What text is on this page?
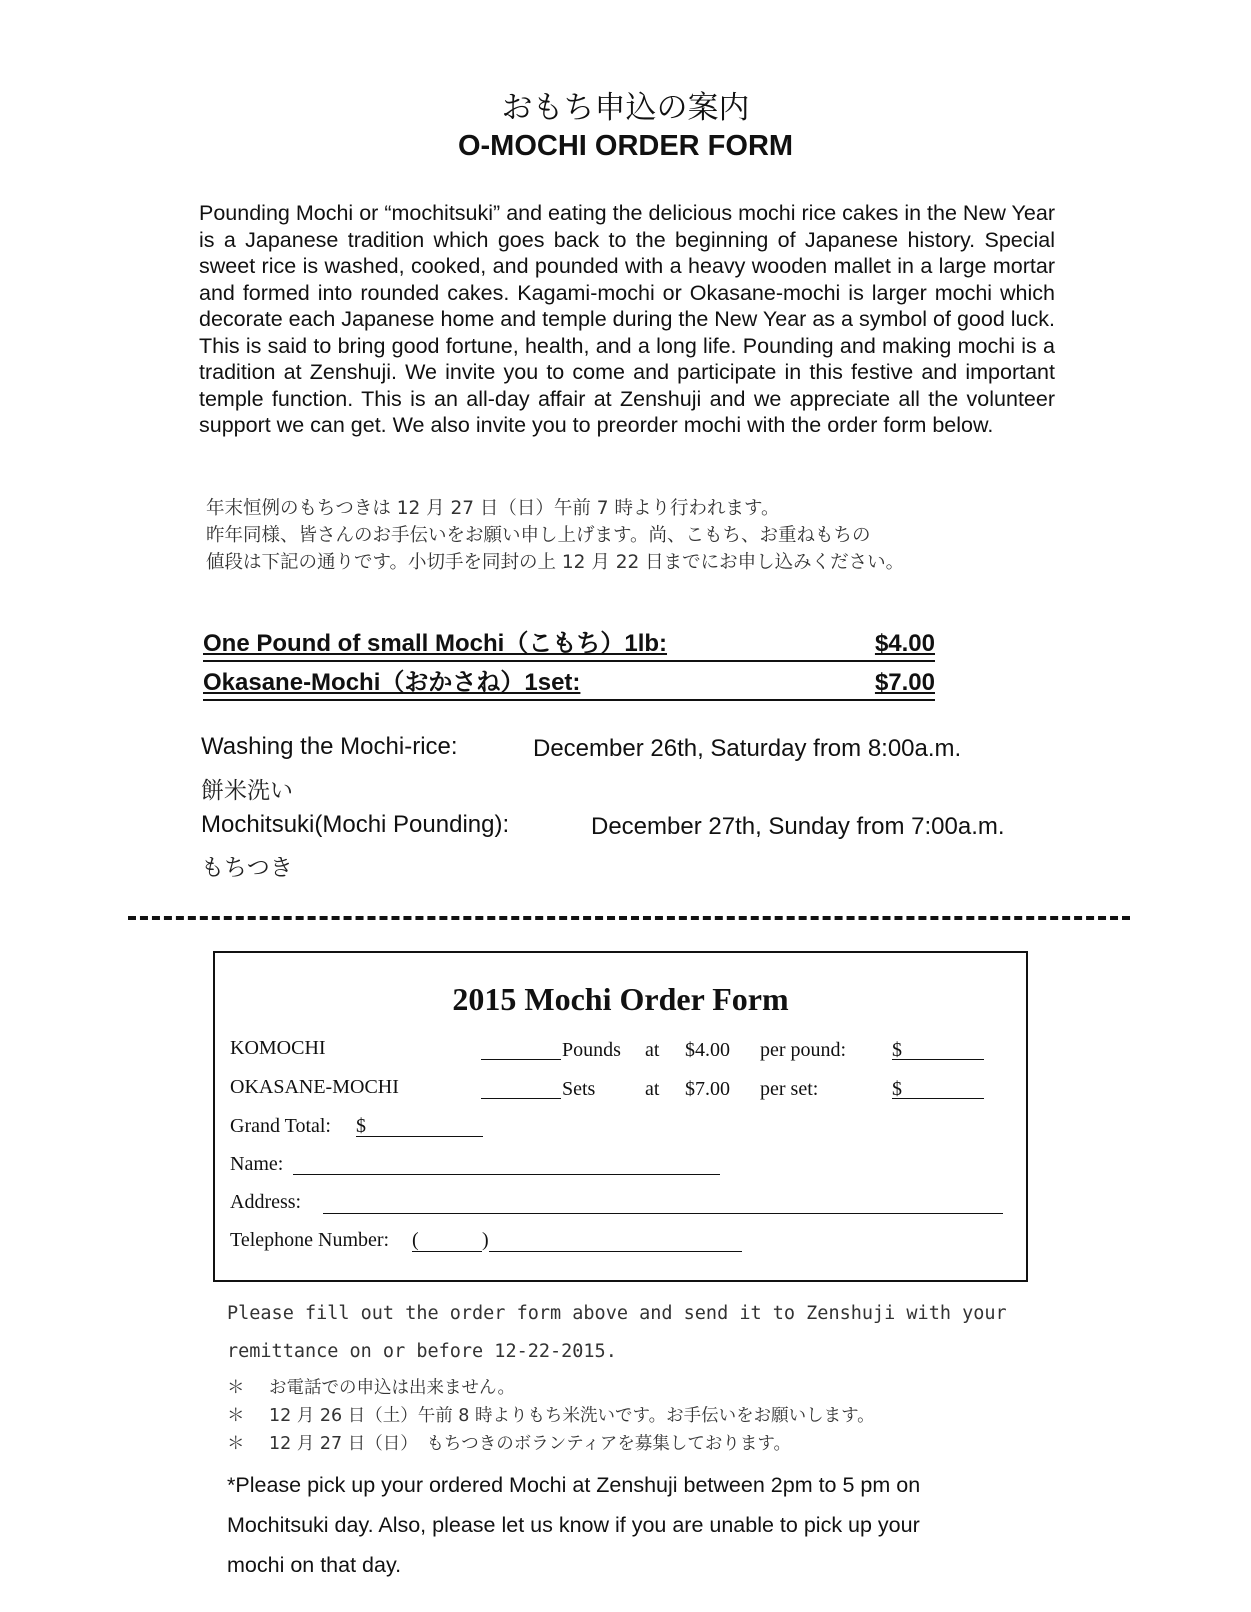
おもち申込の案内
O-MOCHI ORDER FORM

Pounding Mochi or “mochitsuki” and eating the delicious mochi rice cakes in the New Year is a Japanese tradition which goes back to the beginning of Japanese history. Special sweet rice is washed, cooked, and pounded with a heavy wooden mallet in a large mortar and formed into rounded cakes. Kagami-mochi or Okasane-mochi is larger mochi which decorate each Japanese home and temple during the New Year as a symbol of good luck. This is said to bring good fortune, health, and a long life. Pounding and making mochi is a tradition at Zenshuji. We invite you to come and participate in this festive and important temple function. This is an all-day affair at Zenshuji and we appreciate all the volunteer support we can get. We also invite you to preorder mochi with the order form below.

年末恒例のもちつきは 12 月 27 日（日）午前 7 時より行われます。
昨年同様、皆さんのお手伝いをお願い申し上げます。尚、こもち、お重ねもちの
値段は下記の通りです。小切手を同封の上 12 月 22 日までにお申し込みください。
One Pound of small Mochi（こもち）1lb:	$4.00
Okasane-Mochi（おかさね）1set:	$7.00
Washing the Mochi-rice:	December 26th, Saturday from 8:00a.m.
餅米洗い
Mochitsuki(Mochi Pounding):	December 27th, Sunday from 7:00a.m.
もちつき
2015 Mochi Order Form
KOMOCHI	Pounds at $4.00 per pound: $
OKASANE-MOCHI	Sets at $7.00 per set:	$
Grand Total: $
Name:
Address:
Telephone Number: (	)
Please fill out the order form above and send it to Zenshuji with your
remittance on or before 12-22-2015.
＊ お電話での申込は出来ません。
＊ 12 月 26 日（土）午前 8 時よりもち米洗いです。お手伝いをお願いします。
＊ 12 月 27 日（日）　もちつきのボランティアを募集しております。
*Please pick up your ordered Mochi at Zenshuji between 2pm to 5 pm on
Mochitsuki day. Also, please let us know if you are unable to pick up your
mochi on that day.
